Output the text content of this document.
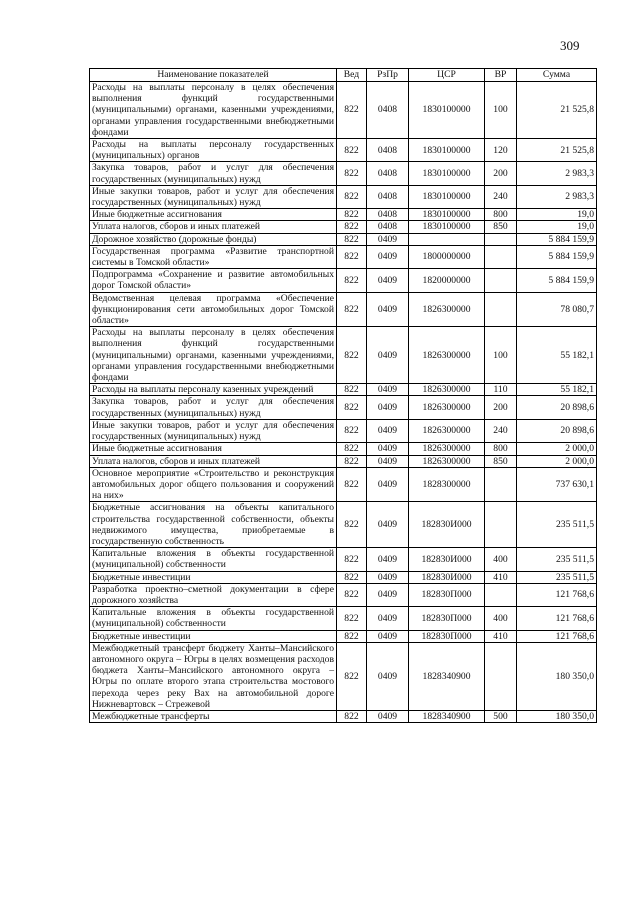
309
Наименование показателей	Вед	РзПр	ЦСР	ВР	Сумма
Расходы на выплаты персоналу в целях обеспечения выполнения функций государственными (муниципальными) органами, казенными учреждениями, органами управления государственными внебюджетными фондами	822	0408	1830100000	100	21 525,8
Расходы на выплаты персоналу государственных (муниципальных) органов	822	0408	1830100000	120	21 525,8
Закупка товаров, работ и услуг для обеспечения государственных (муниципальных) нужд	822	0408	1830100000	200	2 983,3
Иные закупки товаров, работ и услуг для обеспечения государственных (муниципальных) нужд	822	0408	1830100000	240	2 983,3
Иные бюджетные ассигнования	822	0408	1830100000	800	19,0
Уплата налогов, сборов и иных платежей	822	0408	1830100000	850	19,0
Дорожное хозяйство (дорожные фонды)	822	0409			5 884 159,9
Государственная программа «Развитие транспортной системы в Томской области»	822	0409	1800000000		5 884 159,9
Подпрограмма «Сохранение и развитие автомобильных дорог Томской области»	822	0409	1820000000		5 884 159,9
Ведомственная целевая программа «Обеспечение функционирования сети автомобильных дорог Томской области»	822	0409	1826300000		78 080,7
Расходы на выплаты персоналу в целях обеспечения выполнения функций государственными (муниципальными) органами, казенными учреждениями, органами управления государственными внебюджетными фондами	822	0409	1826300000	100	55 182,1
Расходы на выплаты персоналу казенных учреждений	822	0409	1826300000	110	55 182,1
Закупка товаров, работ и услуг для обеспечения государственных (муниципальных) нужд	822	0409	1826300000	200	20 898,6
Иные закупки товаров, работ и услуг для обеспечения государственных (муниципальных) нужд	822	0409	1826300000	240	20 898,6
Иные бюджетные ассигнования	822	0409	1826300000	800	2 000,0
Уплата налогов, сборов и иных платежей	822	0409	1826300000	850	2 000,0
Основное мероприятие «Строительство и реконструкция автомобильных дорог общего пользования и сооружений на них»	822	0409	1828300000		737 630,1
Бюджетные ассигнования на объекты капитального строительства государственной собственности, объекты недвижимого имущества, приобретаемые в государственную собственность	822	0409	182830И000		235 511,5
Капитальные вложения в объекты государственной (муниципальной) собственности	822	0409	182830И000	400	235 511,5
Бюджетные инвестиции	822	0409	182830И000	410	235 511,5
Разработка проектно–сметной документации в сфере дорожного хозяйства	822	0409	182830П000		121 768,6
Капитальные вложения в объекты государственной (муниципальной) собственности	822	0409	182830П000	400	121 768,6
Бюджетные инвестиции	822	0409	182830П000	410	121 768,6
Межбюджетный трансферт бюджету Ханты–Мансийского автономного округа – Югры в целях возмещения расходов бюджета Ханты–Мансийского автономного округа – Югры по оплате второго этапа строительства мостового перехода через реку Вах на автомобильной дороге Нижневартовск – Стрежевой	822	0409	1828340900		180 350,0
Межбюджетные трансферты	822	0409	1828340900	500	180 350,0
